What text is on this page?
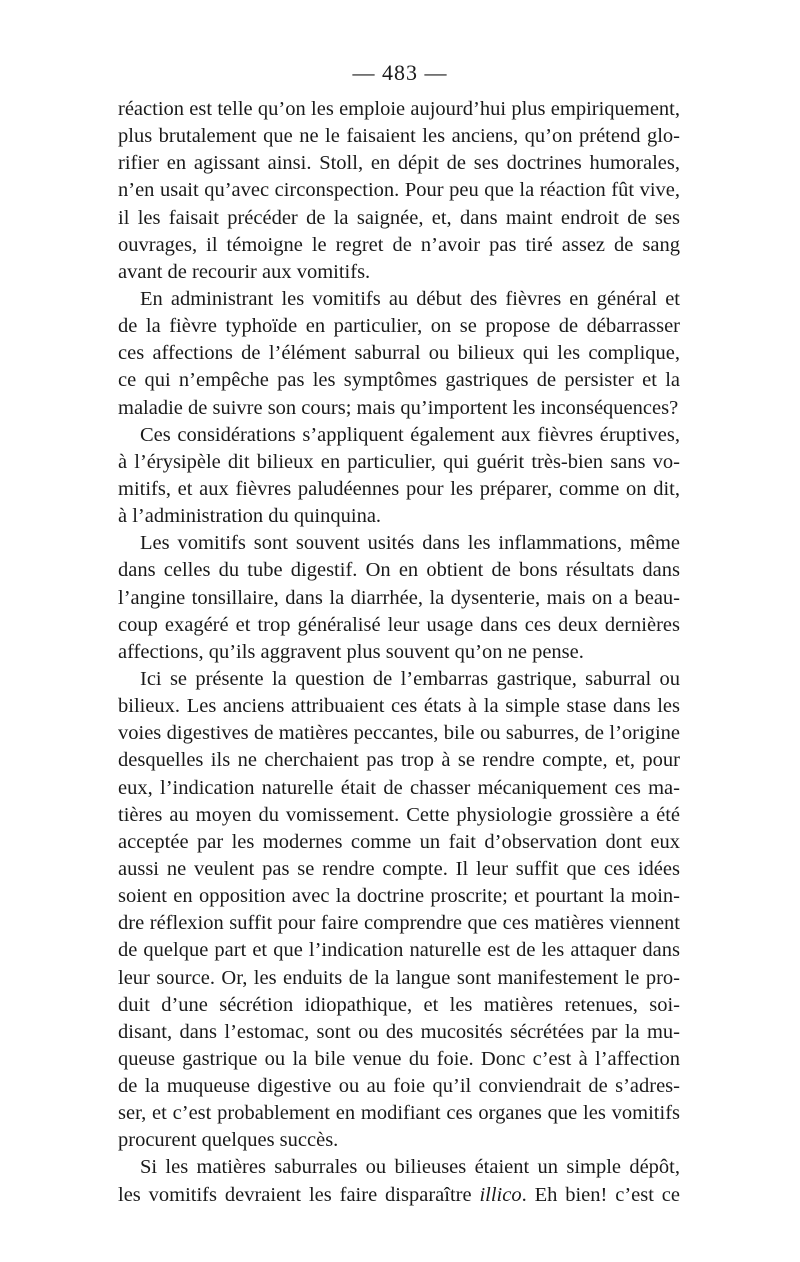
— 483 —
réaction est telle qu’on les emploie aujourd’hui plus empiriquement,
plus brutalement que ne le faisaient les anciens, qu’on prétend glo-
rifier en agissant ainsi. Stoll, en dépit de ses doctrines humorales,
n’en usait qu’avec circonspection. Pour peu que la réaction fût vive,
il les faisait précéder de la saignée, et, dans maint endroit de ses
ouvrages, il témoigne le regret de n’avoir pas tiré assez de sang
avant de recourir aux vomitifs.
En administrant les vomitifs au début des fièvres en général et
de la fièvre typhoïde en particulier, on se propose de débarrasser
ces affections de l’élément saburral ou bilieux qui les complique,
ce qui n’empêche pas les symptômes gastriques de persister et la
maladie de suivre son cours; mais qu’importent les inconséquences?
Ces considérations s’appliquent également aux fièvres éruptives,
à l’érysipèle dit bilieux en particulier, qui guérit très-bien sans vo-
mitifs, et aux fièvres paludéennes pour les préparer, comme on dit,
à l’administration du quinquina.
Les vomitifs sont souvent usités dans les inflammations, même
dans celles du tube digestif. On en obtient de bons résultats dans
l’angine tonsillaire, dans la diarrhée, la dysenterie, mais on a beau-
coup exagéré et trop généralisé leur usage dans ces deux dernières
affections, qu’ils aggravent plus souvent qu’on ne pense.
Ici se présente la question de l’embarras gastrique, saburral ou
bilieux. Les anciens attribuaient ces états à la simple stase dans les
voies digestives de matières peccantes, bile ou saburres, de l’origine
desquelles ils ne cherchaient pas trop à se rendre compte, et, pour
eux, l’indication naturelle était de chasser mécaniquement ces ma-
tières au moyen du vomissement. Cette physiologie grossière a été
acceptée par les modernes comme un fait d’observation dont eux
aussi ne veulent pas se rendre compte. Il leur suffit que ces idées
soient en opposition avec la doctrine proscrite; et pourtant la moin-
dre réflexion suffit pour faire comprendre que ces matières viennent
de quelque part et que l’indication naturelle est de les attaquer dans
leur source. Or, les enduits de la langue sont manifestement le pro-
duit d’une sécrétion idiopathique, et les matières retenues, soi-
disant, dans l’estomac, sont ou des mucosités sécrétées par la mu-
queuse gastrique ou la bile venue du foie. Donc c’est à l’affection
de la muqueuse digestive ou au foie qu’il conviendrait de s’adres-
ser, et c’est probablement en modifiant ces organes que les vomitifs
procurent quelques succès.
Si les matières saburrales ou bilieuses étaient un simple dépôt,
les vomitifs devraient les faire disparaître illico. Eh bien! c’est ce
